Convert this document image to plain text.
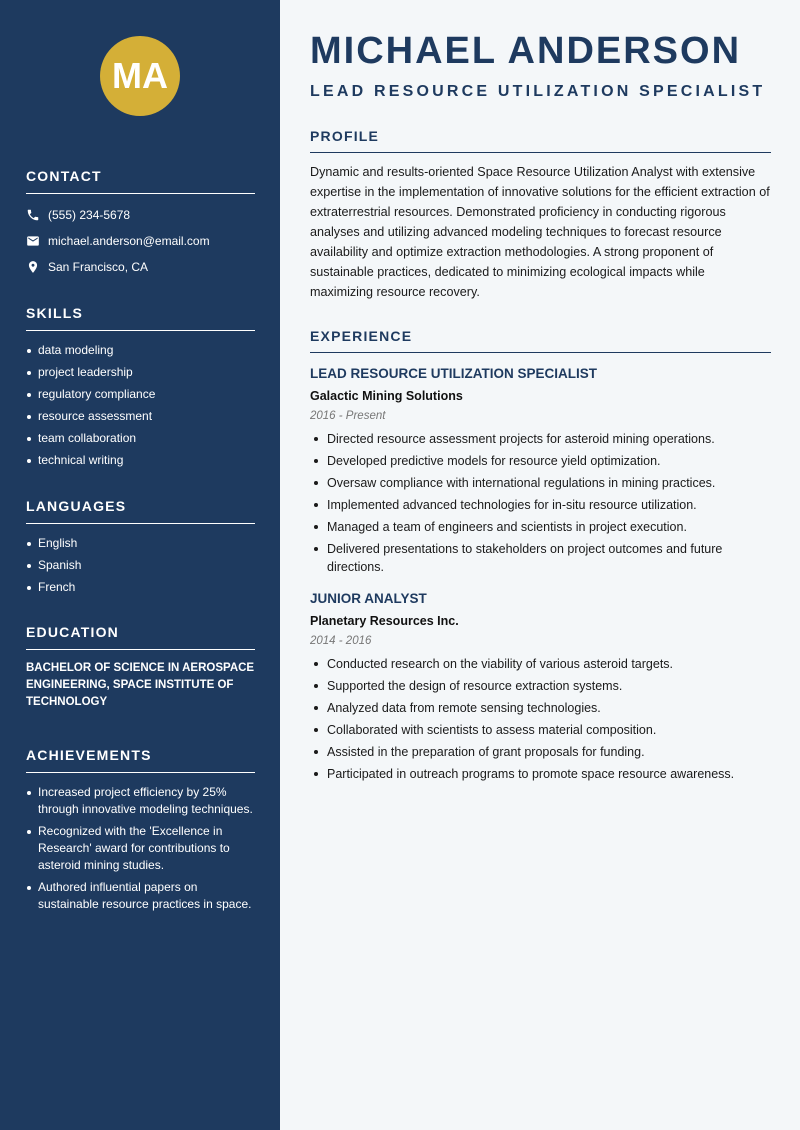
MA
CONTACT
(555) 234-5678
michael.anderson@email.com
San Francisco, CA
SKILLS
data modeling
project leadership
regulatory compliance
resource assessment
team collaboration
technical writing
LANGUAGES
English
Spanish
French
EDUCATION
BACHELOR OF SCIENCE IN AEROSPACE ENGINEERING, SPACE INSTITUTE OF TECHNOLOGY
ACHIEVEMENTS
Increased project efficiency by 25% through innovative modeling techniques.
Recognized with the 'Excellence in Research' award for contributions to asteroid mining studies.
Authored influential papers on sustainable resource practices in space.
MICHAEL ANDERSON
LEAD RESOURCE UTILIZATION SPECIALIST
PROFILE

Dynamic and results-oriented Space Resource Utilization Analyst with extensive expertise in the implementation of innovative solutions for the efficient extraction of extraterrestrial resources. Demonstrated proficiency in conducting rigorous analyses and utilizing advanced modeling techniques to forecast resource availability and optimize extraction methodologies. A strong proponent of sustainable practices, dedicated to minimizing ecological impacts while maximizing resource recovery.

EXPERIENCE

LEAD RESOURCE UTILIZATION SPECIALIST

Galactic Mining Solutions

2016 - Present

Directed resource assessment projects for asteroid mining operations.
Developed predictive models for resource yield optimization.
Oversaw compliance with international regulations in mining practices.
Implemented advanced technologies for in-situ resource utilization.
Managed a team of engineers and scientists in project execution.
Delivered presentations to stakeholders on project outcomes and future directions.

JUNIOR ANALYST

Planetary Resources Inc.

2014 - 2016

Conducted research on the viability of various asteroid targets.
Supported the design of resource extraction systems.
Analyzed data from remote sensing technologies.
Collaborated with scientists to assess material composition.
Assisted in the preparation of grant proposals for funding.
Participated in outreach programs to promote space resource awareness.
